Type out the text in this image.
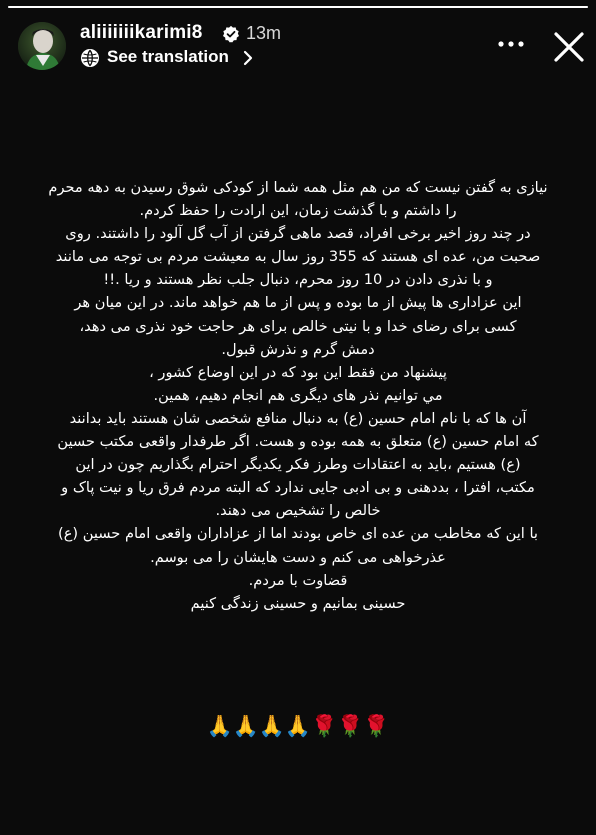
aliiiiiiikarimi8 13m
See translation
نیازی به گفتن نیست که من هم مثل همه شما از کودکی شوق رسیدن به دهه محرم
را داشتم و با گذشت زمان، این ارادت را حفظ کردم.
در چند روز اخیر برخی افراد، قصد ماهی گرفتن از آب گل آلود را داشتند. روی
صحبت من، عده ای هستند که 355 روز سال به معیشت مردم بی توجه می مانند
و با نذری دادن در 10 روز محرم، دنبال جلب نظر هستند و ریا .!!
این عزاداری ها پیش از ما بوده و پس از ما هم خواهد ماند. در این میان هر
کسی برای رضای خدا و با نیتی خالص برای هر حاجت خود نذری می دهد،
دمش گرم و نذرش قبول.
پیشنهاد من فقط این بود که در این اوضاع کشور ،
مي توانیم نذر های دیگری هم انجام دهیم، همین.
آن ها که با نام امام حسین (ع) به دنبال منافع شخصی شان هستند باید بدانند
که امام حسین (ع) متعلق به همه بوده و هست. اگر طرفدار واقعی مکتب حسین
(ع) هستیم ،باید به اعتقادات وطرز فکر یکدیگر احترام بگذاریم چون در این
مکتب، افترا ، بددهنی و بی ادبی جایی ندارد که البته مردم فرق ریا و نیت پاک و
خالص را تشخیص می دهند.
با این که مخاطب من عده ای خاص بودند اما از عزاداران واقعی امام حسین (ع)
عذرخواهی می کنم و دست هایشان را می بوسم.
قضاوت با مردم.
حسینی بمانیم و حسینی زندگی کنیم
🙏🙏🙏🙏🌹🌹🌹
